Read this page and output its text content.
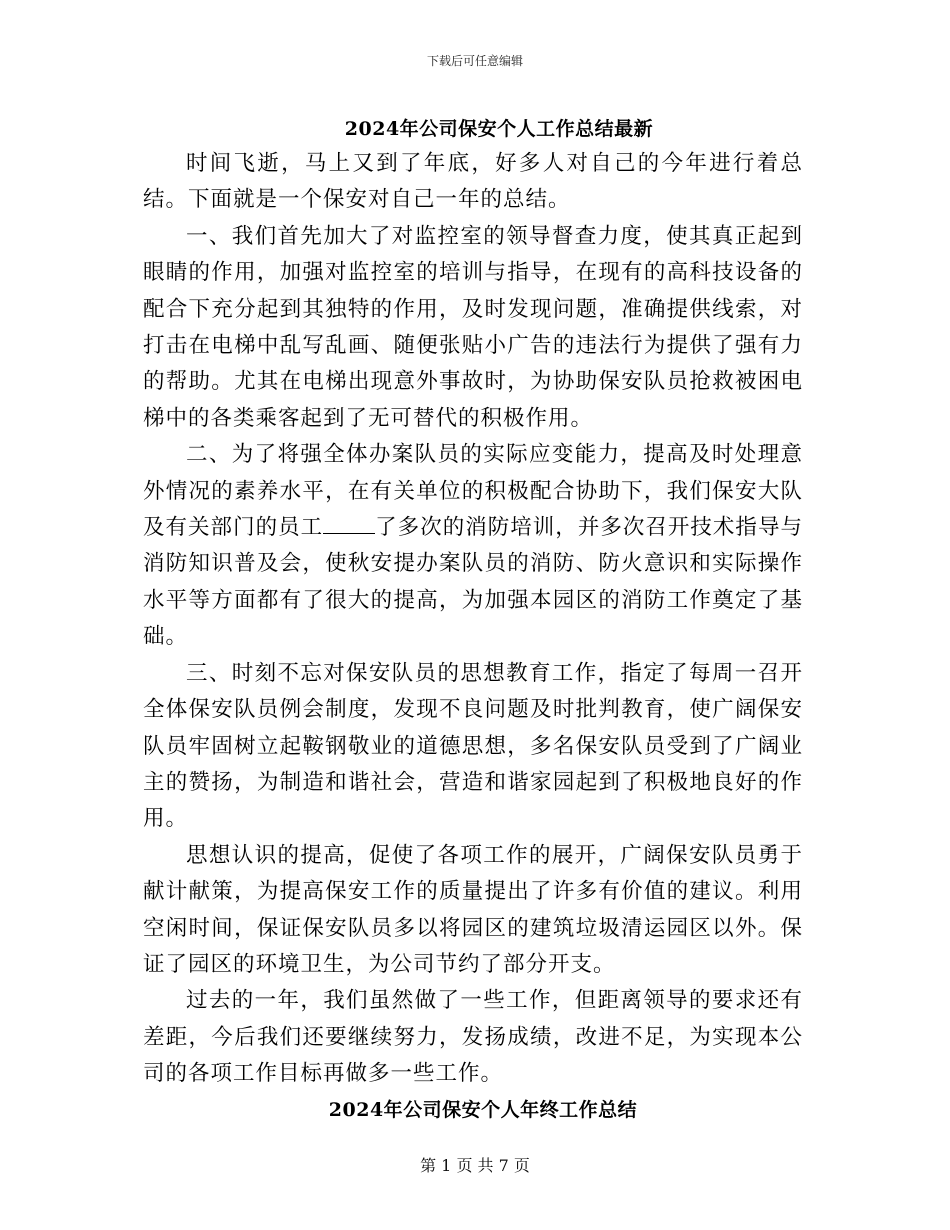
下载后可任意编辑
2024年公司保安个人工作总结最新

时间飞逝，马上又到了年底，好多人对自己的今年进行着总结。下面就是一个保安对自己一年的总结。

一、我们首先加大了对监控室的领导督查力度，使其真正起到眼睛的作用，加强对监控室的培训与指导，在现有的高科技设备的配合下充分起到其独特的作用，及时发现问题，准确提供线索，对打击在电梯中乱写乱画、随便张贴小广告的违法行为提供了强有力的帮助。尤其在电梯出现意外事故时，为协助保安队员抢救被困电梯中的各类乘客起到了无可替代的积极作用。

二、为了将强全体办案队员的实际应变能力，提高及时处理意外情况的素养水平，在有关单位的积极配合协助下，我们保安大队及有关部门的员工 了多次的消防培训，并多次召开技术指导与消防知识普及会，使秋安提办案队员的消防、防火意识和实际操作水平等方面都有了很大的提高，为加强本园区的消防工作奠定了基础。

三、时刻不忘对保安队员的思想教育工作，指定了每周一召开全体保安队员例会制度，发现不良问题及时批判教育，使广阔保安队员牢固树立起鞍钢敬业的道德思想，多名保安队员受到了广阔业主的赞扬，为制造和谐社会，营造和谐家园起到了积极地良好的作用。

思想认识的提高，促使了各项工作的展开，广阔保安队员勇于献计献策，为提高保安工作的质量提出了许多有价值的建议。利用空闲时间，保证保安队员多以将园区的建筑垃圾清运园区以外。保证了园区的环境卫生，为公司节约了部分开支。

过去的一年，我们虽然做了一些工作，但距离领导的要求还有差距，今后我们还要继续努力，发扬成绩，改进不足，为实现本公司的各项工作目标再做多一些工作。

2024年公司保安个人年终工作总结
第 1 页 共 7 页
